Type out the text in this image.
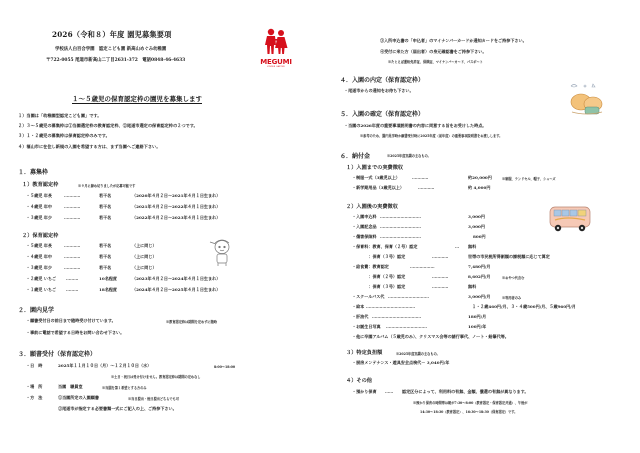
2026（令和８）年度 園児募集要項
学校法人白百合学園　認定こども園 新高山めぐみ幼稚園
〒722-0055 尾道市新高山二丁目2631-372　電話0848-46-4633	MEGUMI
KINDER GARTEN
１～５歳児の保育認定枠の園児を募集します
１）当園は「幼稚園型認定こども園」です。
２）３～５歳児の募集枠は①当園選定枠の教育認定枠、②尾道市選定の保育認定枠の２つです。
３）１・２歳児の募集枠は保育認定枠のみです。
４）福山市に在住し新規の入園を希望する方は、まず当園へご連絡下さい。
１．募集枠
１）教育認定枠	※９月に締め切りましたが応募可能です
・５歳児 年長	…………	若干名	（2020年４月２日～2021年４月１日生まれ）
・４歳児 年中	…………	若干名	（2021年４月２日～2022年４月１日生まれ）
・３歳児 年少	…………	若干名	（2022年４月２日～2023年４月１日生まれ）
２）保育認定枠
・５歳児 年長	…………	若干名	（上に同じ）
・４歳児 年中	…………	若干名	（上に同じ）
・３歳児 年少	…………	若干名	（上に同じ）
・２歳児 いちご ………	10名程度	（2023年４月２日～2024年４月１日生まれ）
・１歳児 いちご ………	18名程度	（2024年４月２日～2025年４月１日生まれ）
２．園内見学
・願書受付日の前日まで随時受け付けています。	※教育認定枠は期間を定めずに随時
・事前に電話で希望する日時をお問い合わせ下さい。
３．願書受付（保育認定枠）
・日　時	2025年１１月１０日（月）～１２月１０日（水）	8:00～18:00
※土日・祝日は受け付けません。教育認定枠は期間の定めなし
・場　所	当園　職員室	※当園を第１希望とする方のみ
・方　法	①当園所定の入園願書	※当日提出・後日提出どちらでも可
②尾道市が指定する必要書類一式にご記入の上、ご持参下さい。
③入所申込書の「申込者」のマイナンバーカードか通知カードをご持参下さい。
④受付に来た方（届出者）の身元確認書をご持参下さい。
※たとえば運転免許証、保険証、マイナンバーカード、パスポート
４．入園の内定（保育認定枠）
・尾道市からの通知をお待ち下さい。
５．入園の確定（保育認定枠）
・当園の2026年度の重要事項説明書の内容に同意する旨をお受けした時点。
※参考のため、園内見学時か願書受付時に2025年度（前年度）の重要事項説明書をお渡しします。
６．納付金	※2025年度実績の主なもの。
１）入園までの実費徴収
・制服一式（3歳児以上）	…………	約20,000円	※制服、ランドセル、帽子、シューズ
・新学期用品（3歳児以上）	…………	約 4,000円
２）入園後の実費徴収
・入園申込料 …………………………	3,000円
・入園記念品 …………………………	3,000円
・傷害保険料 …………………………	800円
・保育料：教育、保育（２号）認定	… 無料
　　　　：保育（３号）認定	…………	世帯の市民税所得割額の課税額に応じて算定
・給食費：教育認定	………………	7,480円/月
　　　　：保育（２号）認定	…………	8,602円/月	※おやつ代含む
　　　　：保育（３号）認定	…………	無料
・スクールバス代 …………………………	3,000円/月	※利用者のみ
・絵本 ………………………………	１・２歳460円/月、３・４歳500円/月、５歳960円/月
・肝油代 ………………………………	180円/月
・お誕生日写真 …………………………	100円/年
・他に卒園アルバム（５歳児のみ）、クリスマス会等の諸行事代、ノート・鉛筆代等。
３）特定負担額	※2025年度実績の主なもの。
・厨房メンテナンス・遊具安全点検代－ 3,040円/年
４）その他
・預かり保育 …… 認定区分によって、利用料の有無、金額、償還の有無が異なります。
※預かり保育の時間帯は朝が7:30～8:00（教育認定・保育認定共通）、午後が
14:30～18:30（教育認定）、16:30～18:30（保育認定）です。
